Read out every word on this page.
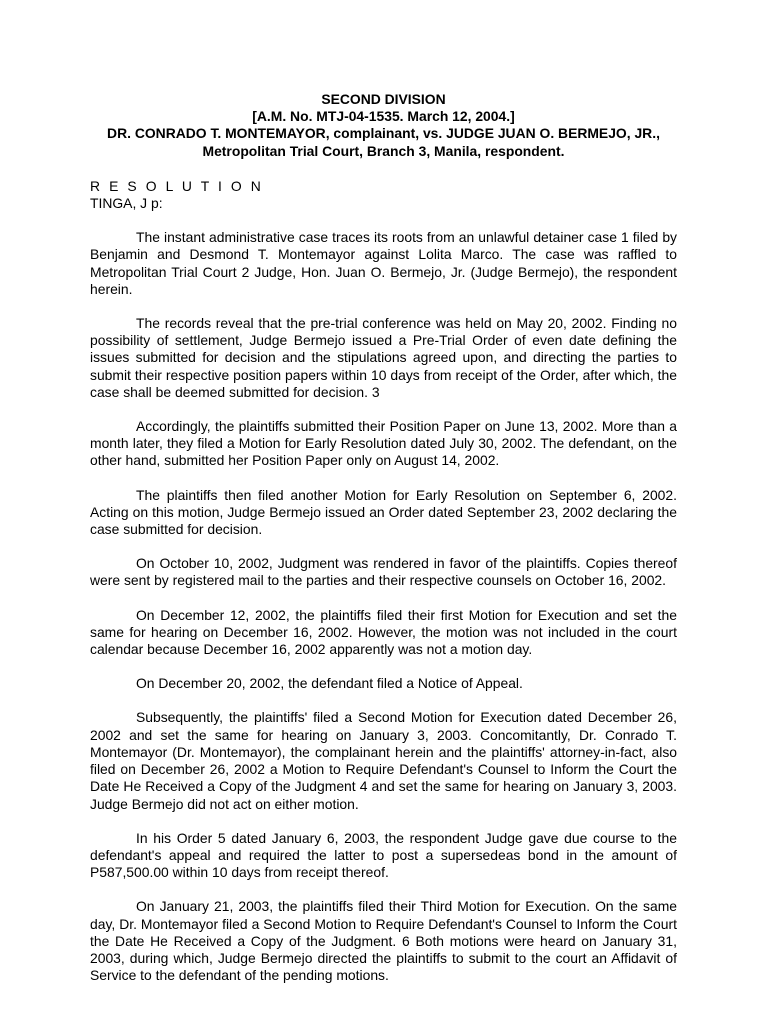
SECOND DIVISION
[A.M. No. MTJ-04-1535. March 12, 2004.]
DR. CONRADO T. MONTEMAYOR, complainant, vs. JUDGE JUAN O. BERMEJO, JR., Metropolitan Trial Court, Branch 3, Manila, respondent.
R E S O L U T I O N
TINGA, J p:

The instant administrative case traces its roots from an unlawful detainer case 1 filed by Benjamin and Desmond T. Montemayor against Lolita Marco. The case was raffled to Metropolitan Trial Court 2 Judge, Hon. Juan O. Bermejo, Jr. (Judge Bermejo), the respondent herein.

The records reveal that the pre-trial conference was held on May 20, 2002. Finding no possibility of settlement, Judge Bermejo issued a Pre-Trial Order of even date defining the issues submitted for decision and the stipulations agreed upon, and directing the parties to submit their respective position papers within 10 days from receipt of the Order, after which, the case shall be deemed submitted for decision. 3

Accordingly, the plaintiffs submitted their Position Paper on June 13, 2002. More than a month later, they filed a Motion for Early Resolution dated July 30, 2002. The defendant, on the other hand, submitted her Position Paper only on August 14, 2002.

The plaintiffs then filed another Motion for Early Resolution on September 6, 2002. Acting on this motion, Judge Bermejo issued an Order dated September 23, 2002 declaring the case submitted for decision.

On October 10, 2002, Judgment was rendered in favor of the plaintiffs. Copies thereof were sent by registered mail to the parties and their respective counsels on October 16, 2002.

On December 12, 2002, the plaintiffs filed their first Motion for Execution and set the same for hearing on December 16, 2002. However, the motion was not included in the court calendar because December 16, 2002 apparently was not a motion day.

On December 20, 2002, the defendant filed a Notice of Appeal.

Subsequently, the plaintiffs' filed a Second Motion for Execution dated December 26, 2002 and set the same for hearing on January 3, 2003. Concomitantly, Dr. Conrado T. Montemayor (Dr. Montemayor), the complainant herein and the plaintiffs' attorney-in-fact, also filed on December 26, 2002 a Motion to Require Defendant's Counsel to Inform the Court the Date He Received a Copy of the Judgment 4 and set the same for hearing on January 3, 2003. Judge Bermejo did not act on either motion.

In his Order 5 dated January 6, 2003, the respondent Judge gave due course to the defendant's appeal and required the latter to post a supersedeas bond in the amount of P587,500.00 within 10 days from receipt thereof.

On January 21, 2003, the plaintiffs filed their Third Motion for Execution. On the same day, Dr. Montemayor filed a Second Motion to Require Defendant's Counsel to Inform the Court the Date He Received a Copy of the Judgment. 6 Both motions were heard on January 31, 2003, during which, Judge Bermejo directed the plaintiffs to submit to the court an Affidavit of Service to the defendant of the pending motions.
